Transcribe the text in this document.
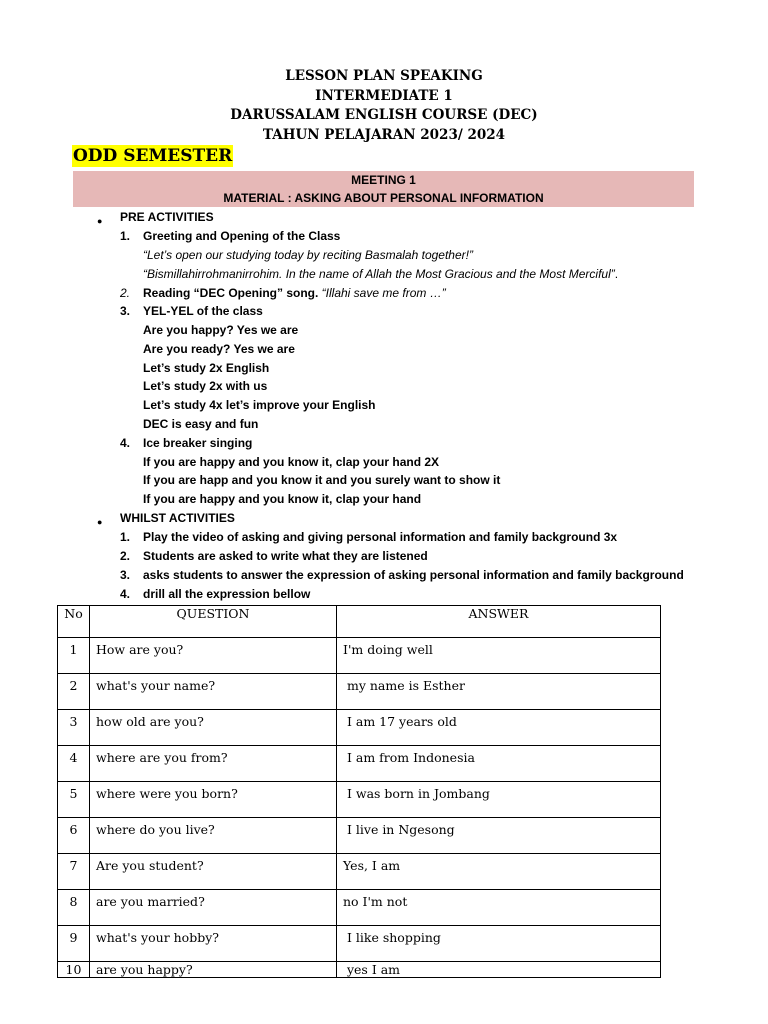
LESSON PLAN SPEAKING
INTERMEDIATE 1
DARUSSALAM ENGLISH COURSE (DEC)
TAHUN PELAJARAN 2023/ 2024
ODD SEMESTER
MEETING 1
MATERIAL : ASKING ABOUT PERSONAL INFORMATION
● PRE ACTIVITIES
1. Greeting and Opening of the Class
“Let’s open our studying today by reciting Basmalah together!”
“Bismillahirrohmanirrohim. In the name of Allah the Most Gracious and the Most Merciful”.
2. Reading “DEC Opening” song. “Illahi save me from …”
3. YEL-YEL of the class
Are you happy? Yes we are
Are you ready? Yes we are
Let’s study 2x English
Let’s study 2x with us
Let’s study 4x let’s improve your English
DEC is easy and fun
4. Ice breaker singing
If you are happy and you know it, clap your hand 2X
If you are happ and you know it and you surely want to show it
If you are happy and you know it, clap your hand
● WHILST ACTIVITIES
1. Play the video of asking and giving personal information and family background 3x
2. Students are asked to write what they are listened
3. asks students to answer the expression of asking personal information and family background
4. drill all the expression bellow
No	QUESTION	ANSWER
1	How are you?	I'm doing well
2	what's your name?	my name is Esther
3	how old are you?	I am 17 years old
4	where are you from?	I am from Indonesia
5	where were you born?	I was born in Jombang
6	where do you live?	I live in Ngesong
7	Are you student?	Yes, I am
8	are you married?	no I'm not
9	what's your hobby?	I like shopping
10	are you happy?	yes I am
